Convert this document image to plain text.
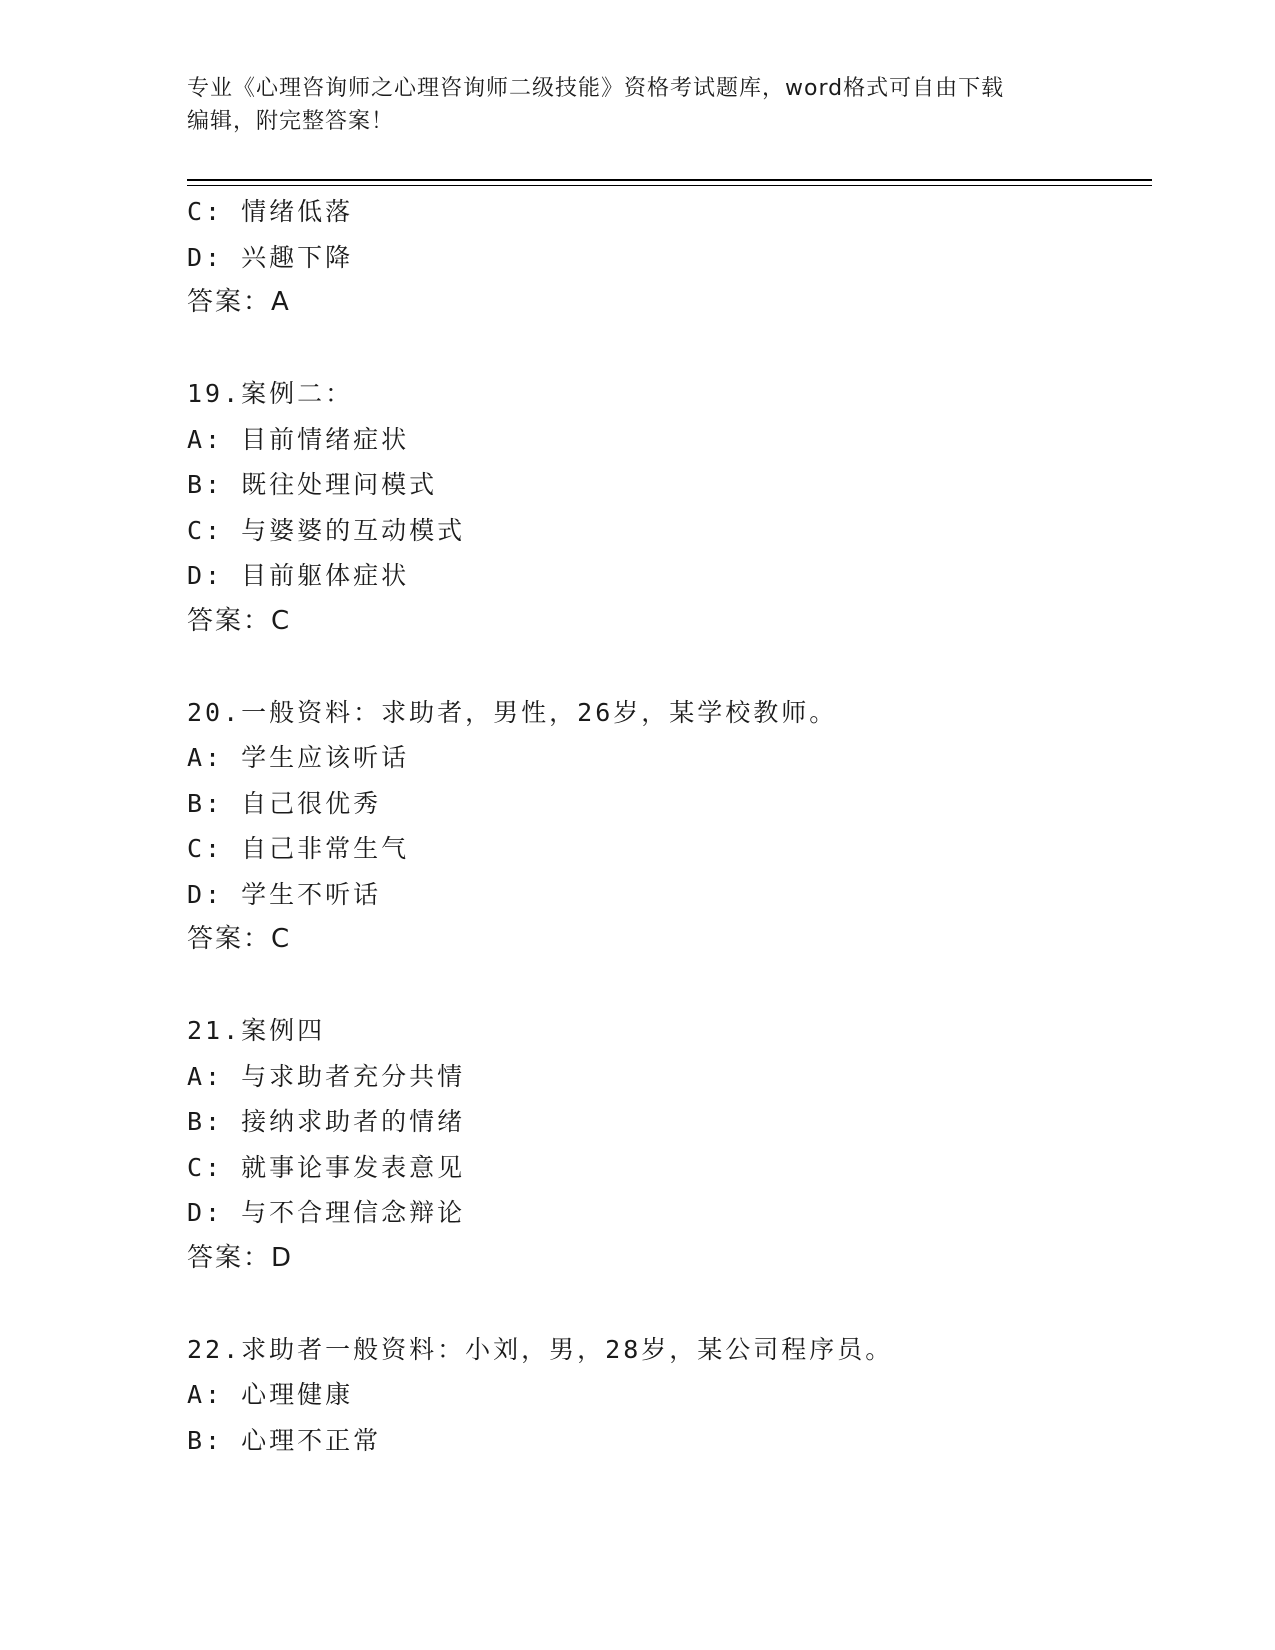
专业《心理咨询师之心理咨询师二级技能》资格考试题库，word格式可自由下载
编辑，附完整答案！
C: 情绪低落
D: 兴趣下降
答案：A
19.案例二：
A: 目前情绪症状
B: 既往处理问模式
C: 与婆婆的互动模式
D: 目前躯体症状
答案：C
20.一般资料：求助者，男性，26岁，某学校教师。
A: 学生应该听话
B: 自己很优秀
C: 自己非常生气
D: 学生不听话
答案：C
21.案例四
A: 与求助者充分共情
B: 接纳求助者的情绪
C: 就事论事发表意见
D: 与不合理信念辩论
答案：D
22.求助者一般资料：小刘，男，28岁，某公司程序员。
A: 心理健康
B: 心理不正常
